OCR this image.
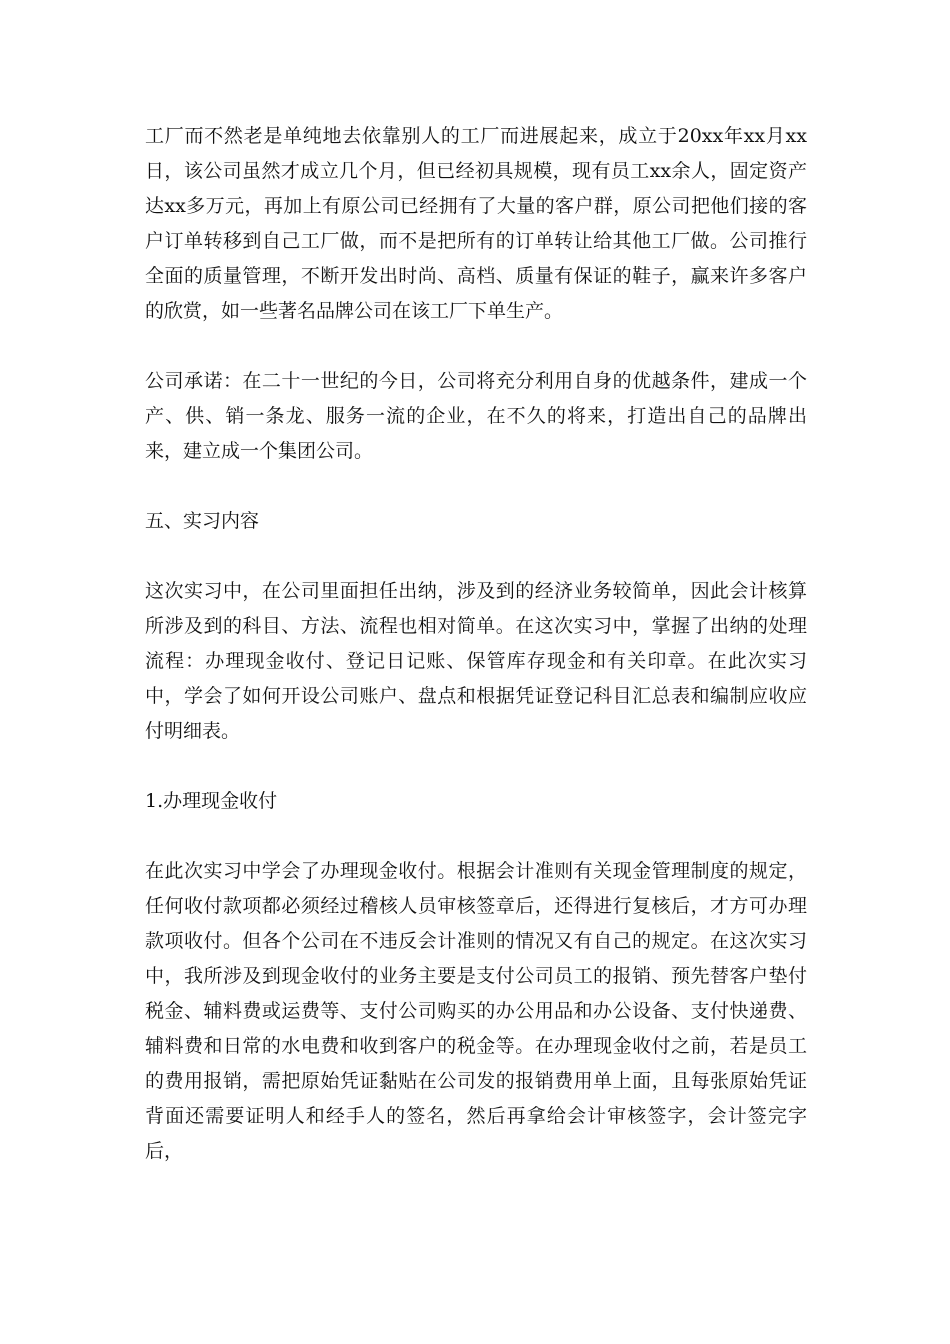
工厂而不然老是单纯地去依靠别人的工厂而进展起来，成立于20xx年xx月xx日，该公司虽然才成立几个月，但已经初具规模，现有员工xx余人，固定资产达xx多万元，再加上有原公司已经拥有了大量的客户群，原公司把他们接的客户订单转移到自己工厂做，而不是把所有的订单转让给其他工厂做。公司推行全面的质量管理，不断开发出时尚、高档、质量有保证的鞋子，赢来许多客户的欣赏，如一些著名品牌公司在该工厂下单生产。

公司承诺：在二十一世纪的今日，公司将充分利用自身的优越条件，建成一个产、供、销一条龙、服务一流的企业，在不久的将来，打造出自己的品牌出来，建立成一个集团公司。

五、实习内容

这次实习中，在公司里面担任出纳，涉及到的经济业务较简单，因此会计核算所涉及到的科目、方法、流程也相对简单。在这次实习中，掌握了出纳的处理流程：办理现金收付、登记日记账、保管库存现金和有关印章。在此次实习中，学会了如何开设公司账户、盘点和根据凭证登记科目汇总表和编制应收应付明细表。

1.办理现金收付

在此次实习中学会了办理现金收付。根据会计准则有关现金管理制度的规定，任何收付款项都必须经过稽核人员审核签章后，还得进行复核后，才方可办理款项收付。但各个公司在不违反会计准则的情况又有自己的规定。在这次实习中，我所涉及到现金收付的业务主要是支付公司员工的报销、预先替客户垫付税金、辅料费或运费等、支付公司购买的办公用品和办公设备、支付快递费、辅料费和日常的水电费和收到客户的税金等。在办理现金收付之前，若是员工的费用报销，需把原始凭证黏贴在公司发的报销费用单上面，且每张原始凭证背面还需要证明人和经手人的签名，然后再拿给会计审核签字，会计签完字后，
